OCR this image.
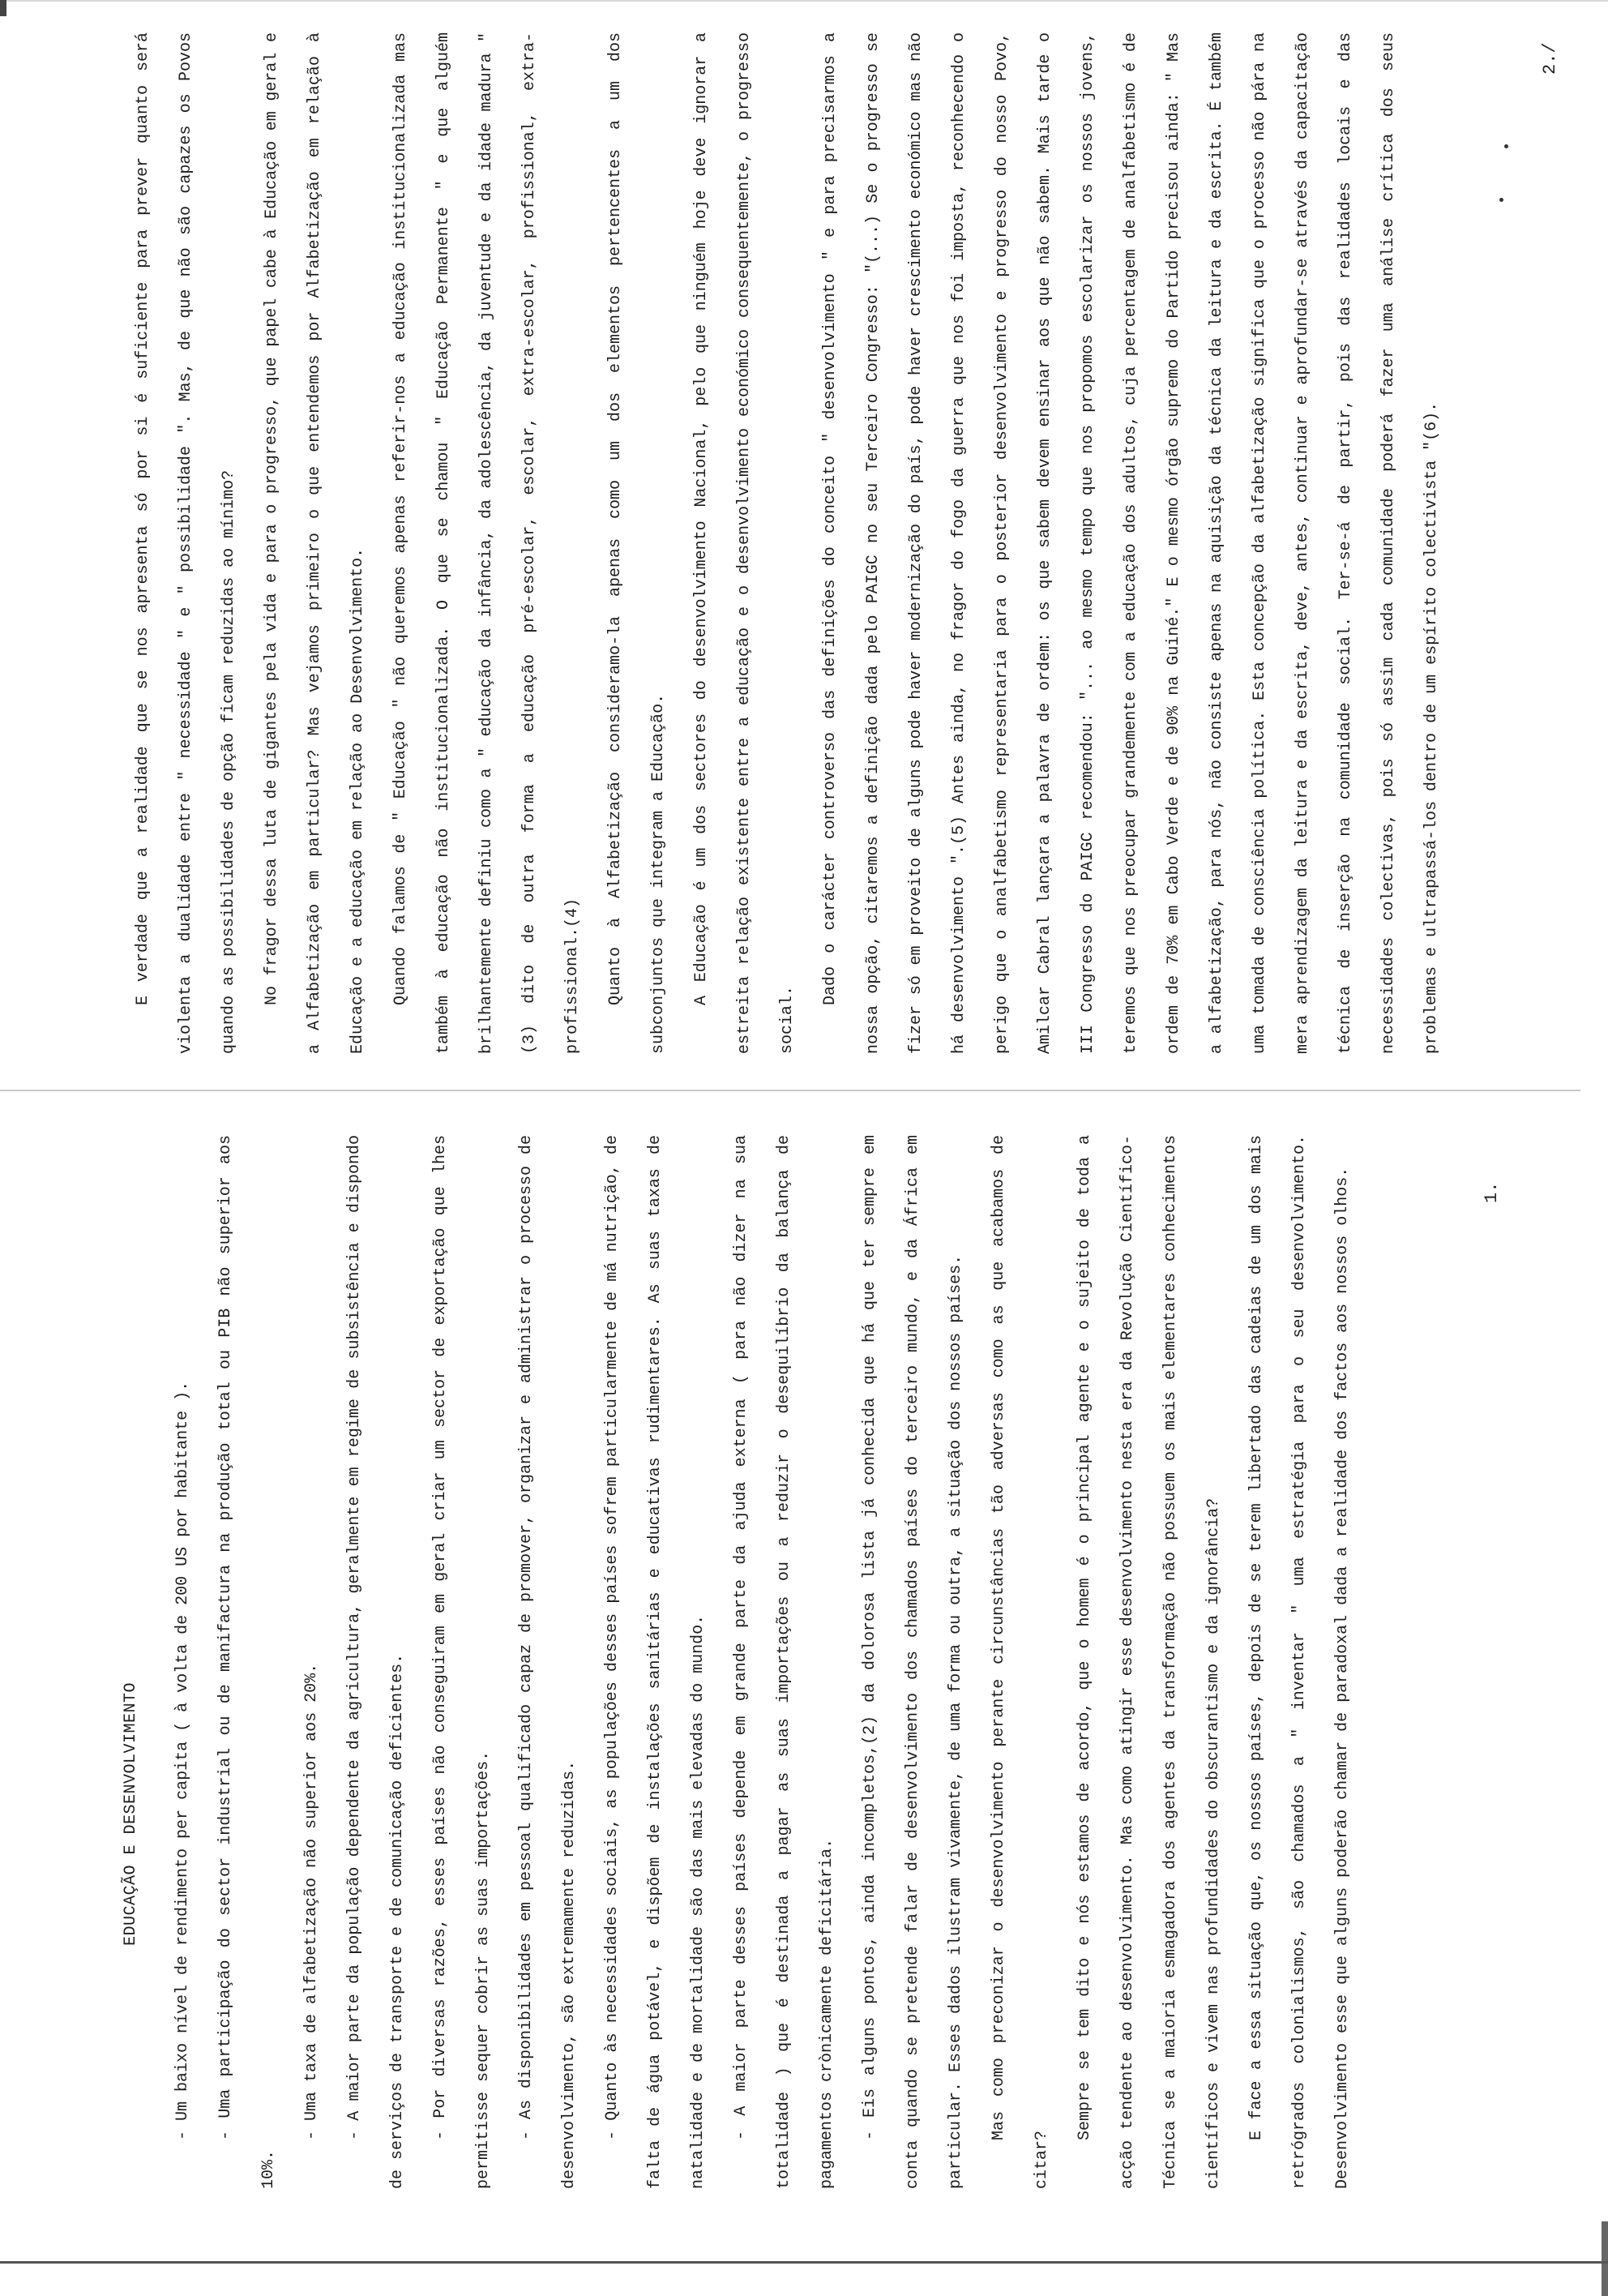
2./

E verdade que a realidade que se nos apresenta só por si é suficiente para prever quanto será violenta a dualidade entre " necessidade " e " possibilidade ". Mas, de que não são capazes os Povos quando as possibilidades de opção ficam reduzidas ao mínimo?	No fragor dessa luta de gigantes pela vida e para o progresso, que papel cabe à Educação em geral e a Alfabetização em particular? Mas vejamos primeiro o que entendemos por Alfabetização em relação à Educação e a educação em relação ao Desenvolvimento.	Quando falamos de " Educação " não queremos apenas referir-nos a educação institucionalizada mas também à educação não institucionalizada. O que se chamou " Educação Permanente " e que alguém brilhantemente definiu como a " educação da infância, da adolescência, da juventude e da idade madura "(3) dito de outra forma a educação pré-escolar, escolar, extra-escolar, profissional, extra-profissional.(4)	Quanto à Alfabetização consideramo-la apenas como um dos elementos pertencentes a um dos subconjuntos que integram a Educação.	A Educação é um dos sectores do desenvolvimento Nacional, pelo que ninguém hoje deve ignorar a estreita relação existente entre a educação e o desenvolvimento económico consequentemente, o progresso social.

Dado o carácter controverso das definições do conceito " desenvolvimento " e para precisarmos a nossa opção, citaremos a definição dada pelo PAIGC no seu Terceiro Congresso: "(...) Se o progresso se fizer só em proveito de alguns pode haver modernização do país, pode haver crescimento económico mas não há desenvolvimento ".(5) Antes ainda, no fragor do fogo da guerra que nos foi imposta, reconhecendo o perigo que o analfabetismo representaria para o posterior desenvolvimento e progresso do nosso Povo, Amilcar Cabral lançara a palavra de ordem: os que sabem devem ensinar aos que não sabem. Mais tarde o III Congresso do PAIGC recomendou: "... ao mesmo tempo que nos propomos escolarizar os nossos jovens, teremos que nos preocupar grandemente com a educação dos adultos, cuja percentagem de analfabetismo é de ordem de 70% em Cabo Verde e de 90% na Guiné." E o mesmo órgão supremo do Partido precisou ainda: " Mas a alfabetização, para nós, não consiste apenas na aquisição da técnica da leitura e da escrita. É também uma tomada de consciência política. Esta concepção da alfabetização significa que o processo não pára na mera aprendizagem da leitura e da escrita, deve, antes, continuar e aprofundar-se através da capacitação técnica de inserção na comunidade social. Ter-se-á de partir, pois das realidades locais e das necessidades colectivas, pois só assim cada comunidade poderá fazer uma análise crítica dos seus problemas e ultrapassá-los dentro de um espírito colectivista "(6).

1.
EDUCAÇÃO E DESENVOLVIMENTO	- Um baixo nível de rendimento per capita ( à volta de 200 US por habitante ).	- Uma participação do sector industrial ou de manifactura na produção total ou PIB não superior aos 10%.

- Uma taxa de alfabetização não superior aos 20%.	- A maior parte da população dependente da agricultura, geralmente em regime de subsistência e dispondo de serviços de transporte e de comunicação deficientes.	- Por diversas razões, esses países não conseguiram em geral criar um sector de exportação que lhes permitisse sequer cobrir as suas importações.	- As disponibilidades em pessoal qualificado capaz de promover, organizar e administrar o processo de desenvolvimento, são extremamente reduzidas.	- Quanto às necessidades sociais, as populações desses países sofrem particularmente de má nutrição, de falta de água potável, e dispõem de instalações sanitárias e educativas rudimentares. As suas taxas de natalidade e de mortalidade são das mais elevadas do mundo.	- A maior parte desses países depende em grande parte da ajuda externa ( para não dizer na sua totalidade ) que é destinada a pagar as suas importações ou a reduzir o desequilíbrio da balança de pagamentos crònicamente deficitária.	- Eis alguns pontos, ainda incompletos,(2) da dolorosa lista já conhecida que há que ter sempre em conta quando se pretende falar de desenvolvimento dos chamados países do terceiro mundo, e da África em particular. Esses dados ilustram vivamente, de uma forma ou outra, a situação dos nossos países.	Mas como preconizar o desenvolvimento perante circunstâncias tão adversas como as que acabamos de citar?

Sempre se tem dito e nós estamos de acordo, que o homem é o principal agente e o sujeito de toda a acção tendente ao desenvolvimento. Mas como atingir esse desenvolvimento nesta era da Revolução Científico-Técnica se a maioria esmagadora dos agentes da transformação não possuem os mais elementares conhecimentos científicos e vivem nas profundidades do obscurantismo e da ignorância?	E face a essa situação que, os nossos países, depois de se terem libertado das cadeias de um dos mais retrógrados colonialismos, são chamados a " inventar " uma estratégia para o seu desenvolvimento. Desenvolvimento esse que alguns poderão chamar de paradoxal dada a realidade dos factos aos nossos olhos.
